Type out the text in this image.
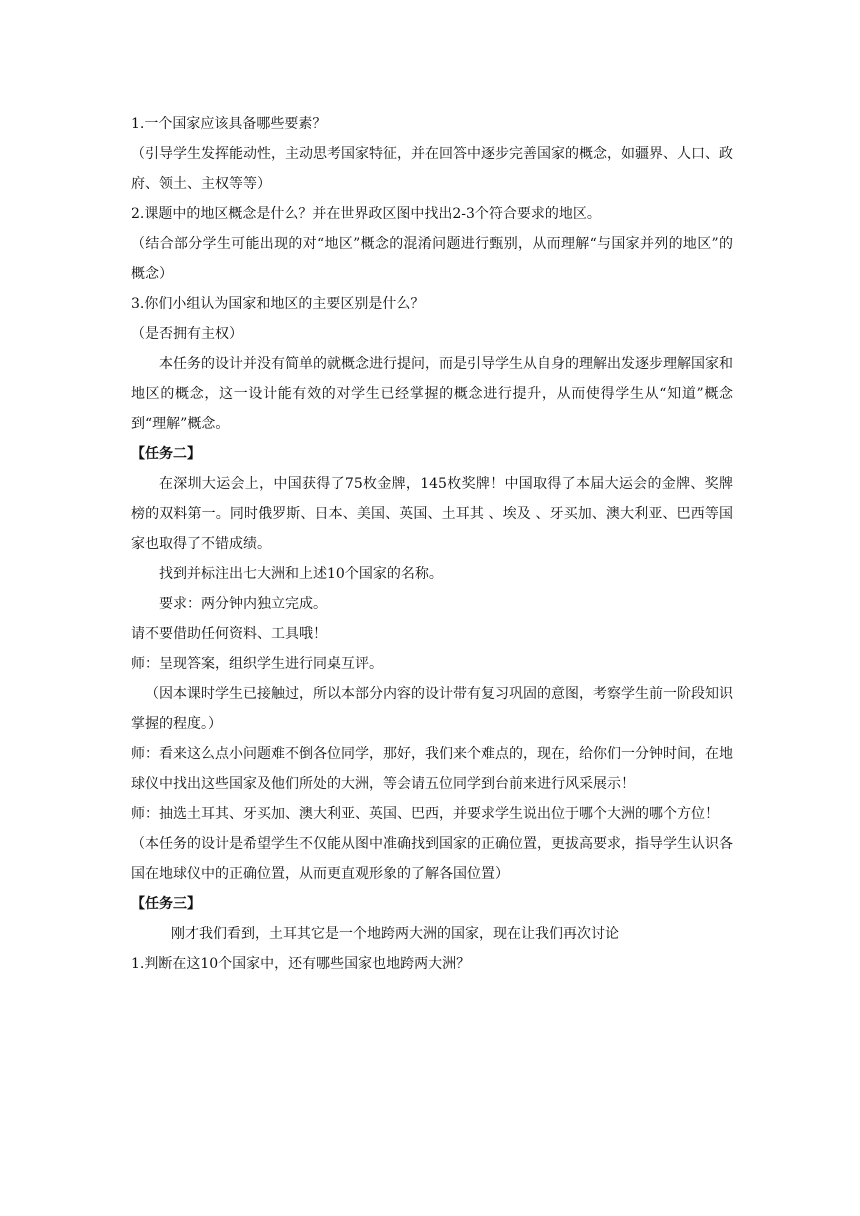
1.一个国家应该具备哪些要素？

（引导学生发挥能动性，主动思考国家特征，并在回答中逐步完善国家的概念，如疆界、人口、政府、领土、主权等等）

2.课题中的地区概念是什么？并在世界政区图中找出2-3个符合要求的地区。

（结合部分学生可能出现的对“地区”概念的混淆问题进行甄别，从而理解“与国家并列的地区”的概念）

3.你们小组认为国家和地区的主要区别是什么？

（是否拥有主权）

本任务的设计并没有简单的就概念进行提问，而是引导学生从自身的理解出发逐步理解国家和地区的概念，这一设计能有效的对学生已经掌握的概念进行提升，从而使得学生从“知道”概念到“理解”概念。

【任务二】

在深圳大运会上，中国获得了75枚金牌，145枚奖牌！中国取得了本届大运会的金牌、奖牌榜的双料第一。同时俄罗斯、日本、美国、英国、土耳其 、埃及 、牙买加、澳大利亚、巴西等国家也取得了不错成绩。

找到并标注出七大洲和上述10个国家的名称。

要求：两分钟内独立完成。

请不要借助任何资料、工具哦！

师：呈现答案，组织学生进行同桌互评。

（因本课时学生已接触过，所以本部分内容的设计带有复习巩固的意图，考察学生前一阶段知识掌握的程度。）

师：看来这么点小问题难不倒各位同学，那好，我们来个难点的，现在，给你们一分钟时间，在地球仪中找出这些国家及他们所处的大洲，等会请五位同学到台前来进行风采展示！

师：抽选土耳其、牙买加、澳大利亚、英国、巴西，并要求学生说出位于哪个大洲的哪个方位！

（本任务的设计是希望学生不仅能从图中准确找到国家的正确位置，更拔高要求，指导学生认识各国在地球仪中的正确位置，从而更直观形象的了解各国位置）

【任务三】

刚才我们看到，土耳其它是一个地跨两大洲的国家，现在让我们再次讨论

1.判断在这10个国家中，还有哪些国家也地跨两大洲？
